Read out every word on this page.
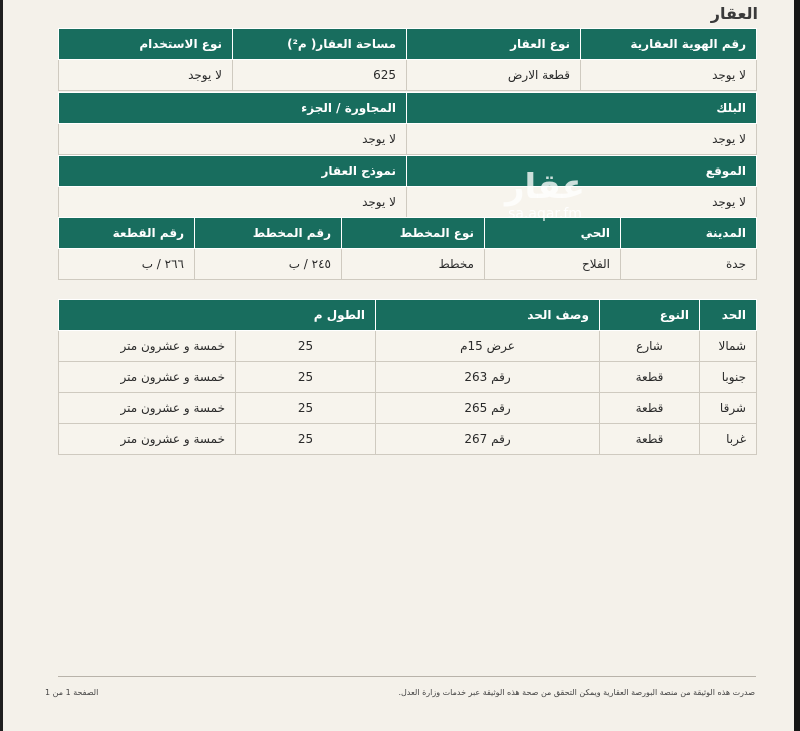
العقار
نوع الاستخدام	مساحة العقار( م²)	نوع العقار	رقم الهوية العقارية
لا يوجد	625	قطعة الارض	لا يوجد
المجاورة / الجزء	البلك
لا يوجد	لا يوجد
نموذج العقار	الموقع
لا يوجد	لا يوجد
رقم القطعة	رقم المخطط	نوع المخطط	الحي	المدينة
٢٦٦ / ب	٢٤٥ / ب	مخطط	الفلاح	جدة
الطول م		وصف الحد	النوع	الحد
خمسة و عشرون متر	25	عرض 15م	شارع	شمالا
خمسة و عشرون متر	25	رقم 263	قطعة	جنوبا
خمسة و عشرون متر	25	رقم 265	قطعة	شرقا
خمسة و عشرون متر	25	رقم 267	قطعة	غربا
عقار
sa.aqar.fm
صدرت هذه الوثيقة من منصة البورصة العقارية ويمكن التحقق من صحة هذه الوثيقة عبر خدمات وزارة العدل.
الصفحة 1 من 1
